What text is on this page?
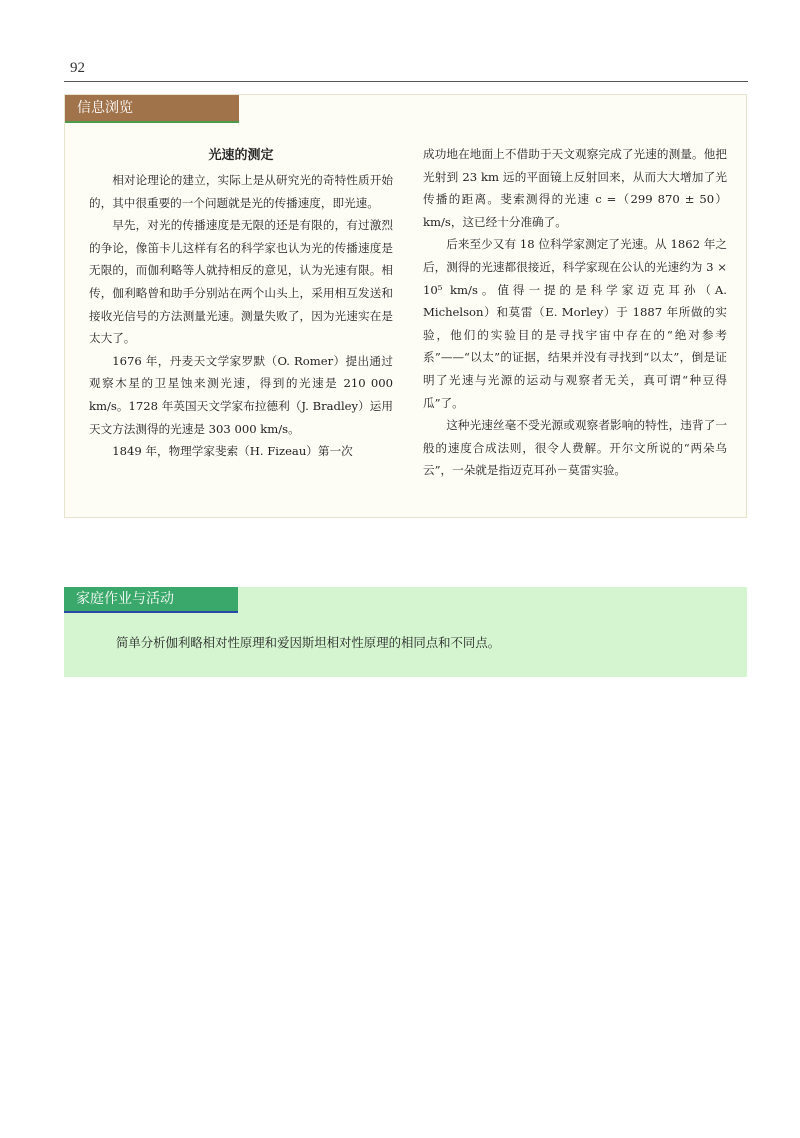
92
信息浏览
光速的测定

相对论理论的建立，实际上是从研究光的奇特性质开始的，其中很重要的一个问题就是光的传播速度，即光速。

早先，对光的传播速度是无限的还是有限的，有过激烈的争论，像笛卡儿这样有名的科学家也认为光的传播速度是无限的，而伽利略等人就持相反的意见，认为光速有限。相传，伽利略曾和助手分别站在两个山头上，采用相互发送和接收光信号的方法测量光速。测量失败了，因为光速实在是太大了。

1676 年，丹麦天文学家罗默（O. Romer）提出通过观察木星的卫星蚀来测光速，得到的光速是 210 000 km/s。1728 年英国天文学家布拉德利（J. Bradley）运用天文方法测得的光速是 303 000 km/s。

1849 年，物理学家斐索（H. Fizeau）第一次

成功地在地面上不借助于天文观察完成了光速的测量。他把光射到 23 km 远的平面镜上反射回来，从而大大增加了光传播的距离。斐索测得的光速 c =（299 870 ± 50）km/s，这已经十分准确了。

后来至少又有 18 位科学家测定了光速。从 1862 年之后，测得的光速都很接近，科学家现在公认的光速约为 3 × 10⁵ km/s。值得一提的是科学家迈克耳孙（A. Michelson）和莫雷（E. Morley）于 1887 年所做的实验，他们的实验目的是寻找宇宙中存在的“绝对参考系”——“以太”的证据，结果并没有寻找到“以太”，倒是证明了光速与光源的运动与观察者无关，真可谓“种豆得瓜”了。

这种光速丝毫不受光源或观察者影响的特性，违背了一般的速度合成法则，很令人费解。开尔文所说的“两朵乌云”，一朵就是指迈克耳孙－莫雷实验。

家庭作业与活动
简单分析伽利略相对性原理和爱因斯坦相对性原理的相同点和不同点。
